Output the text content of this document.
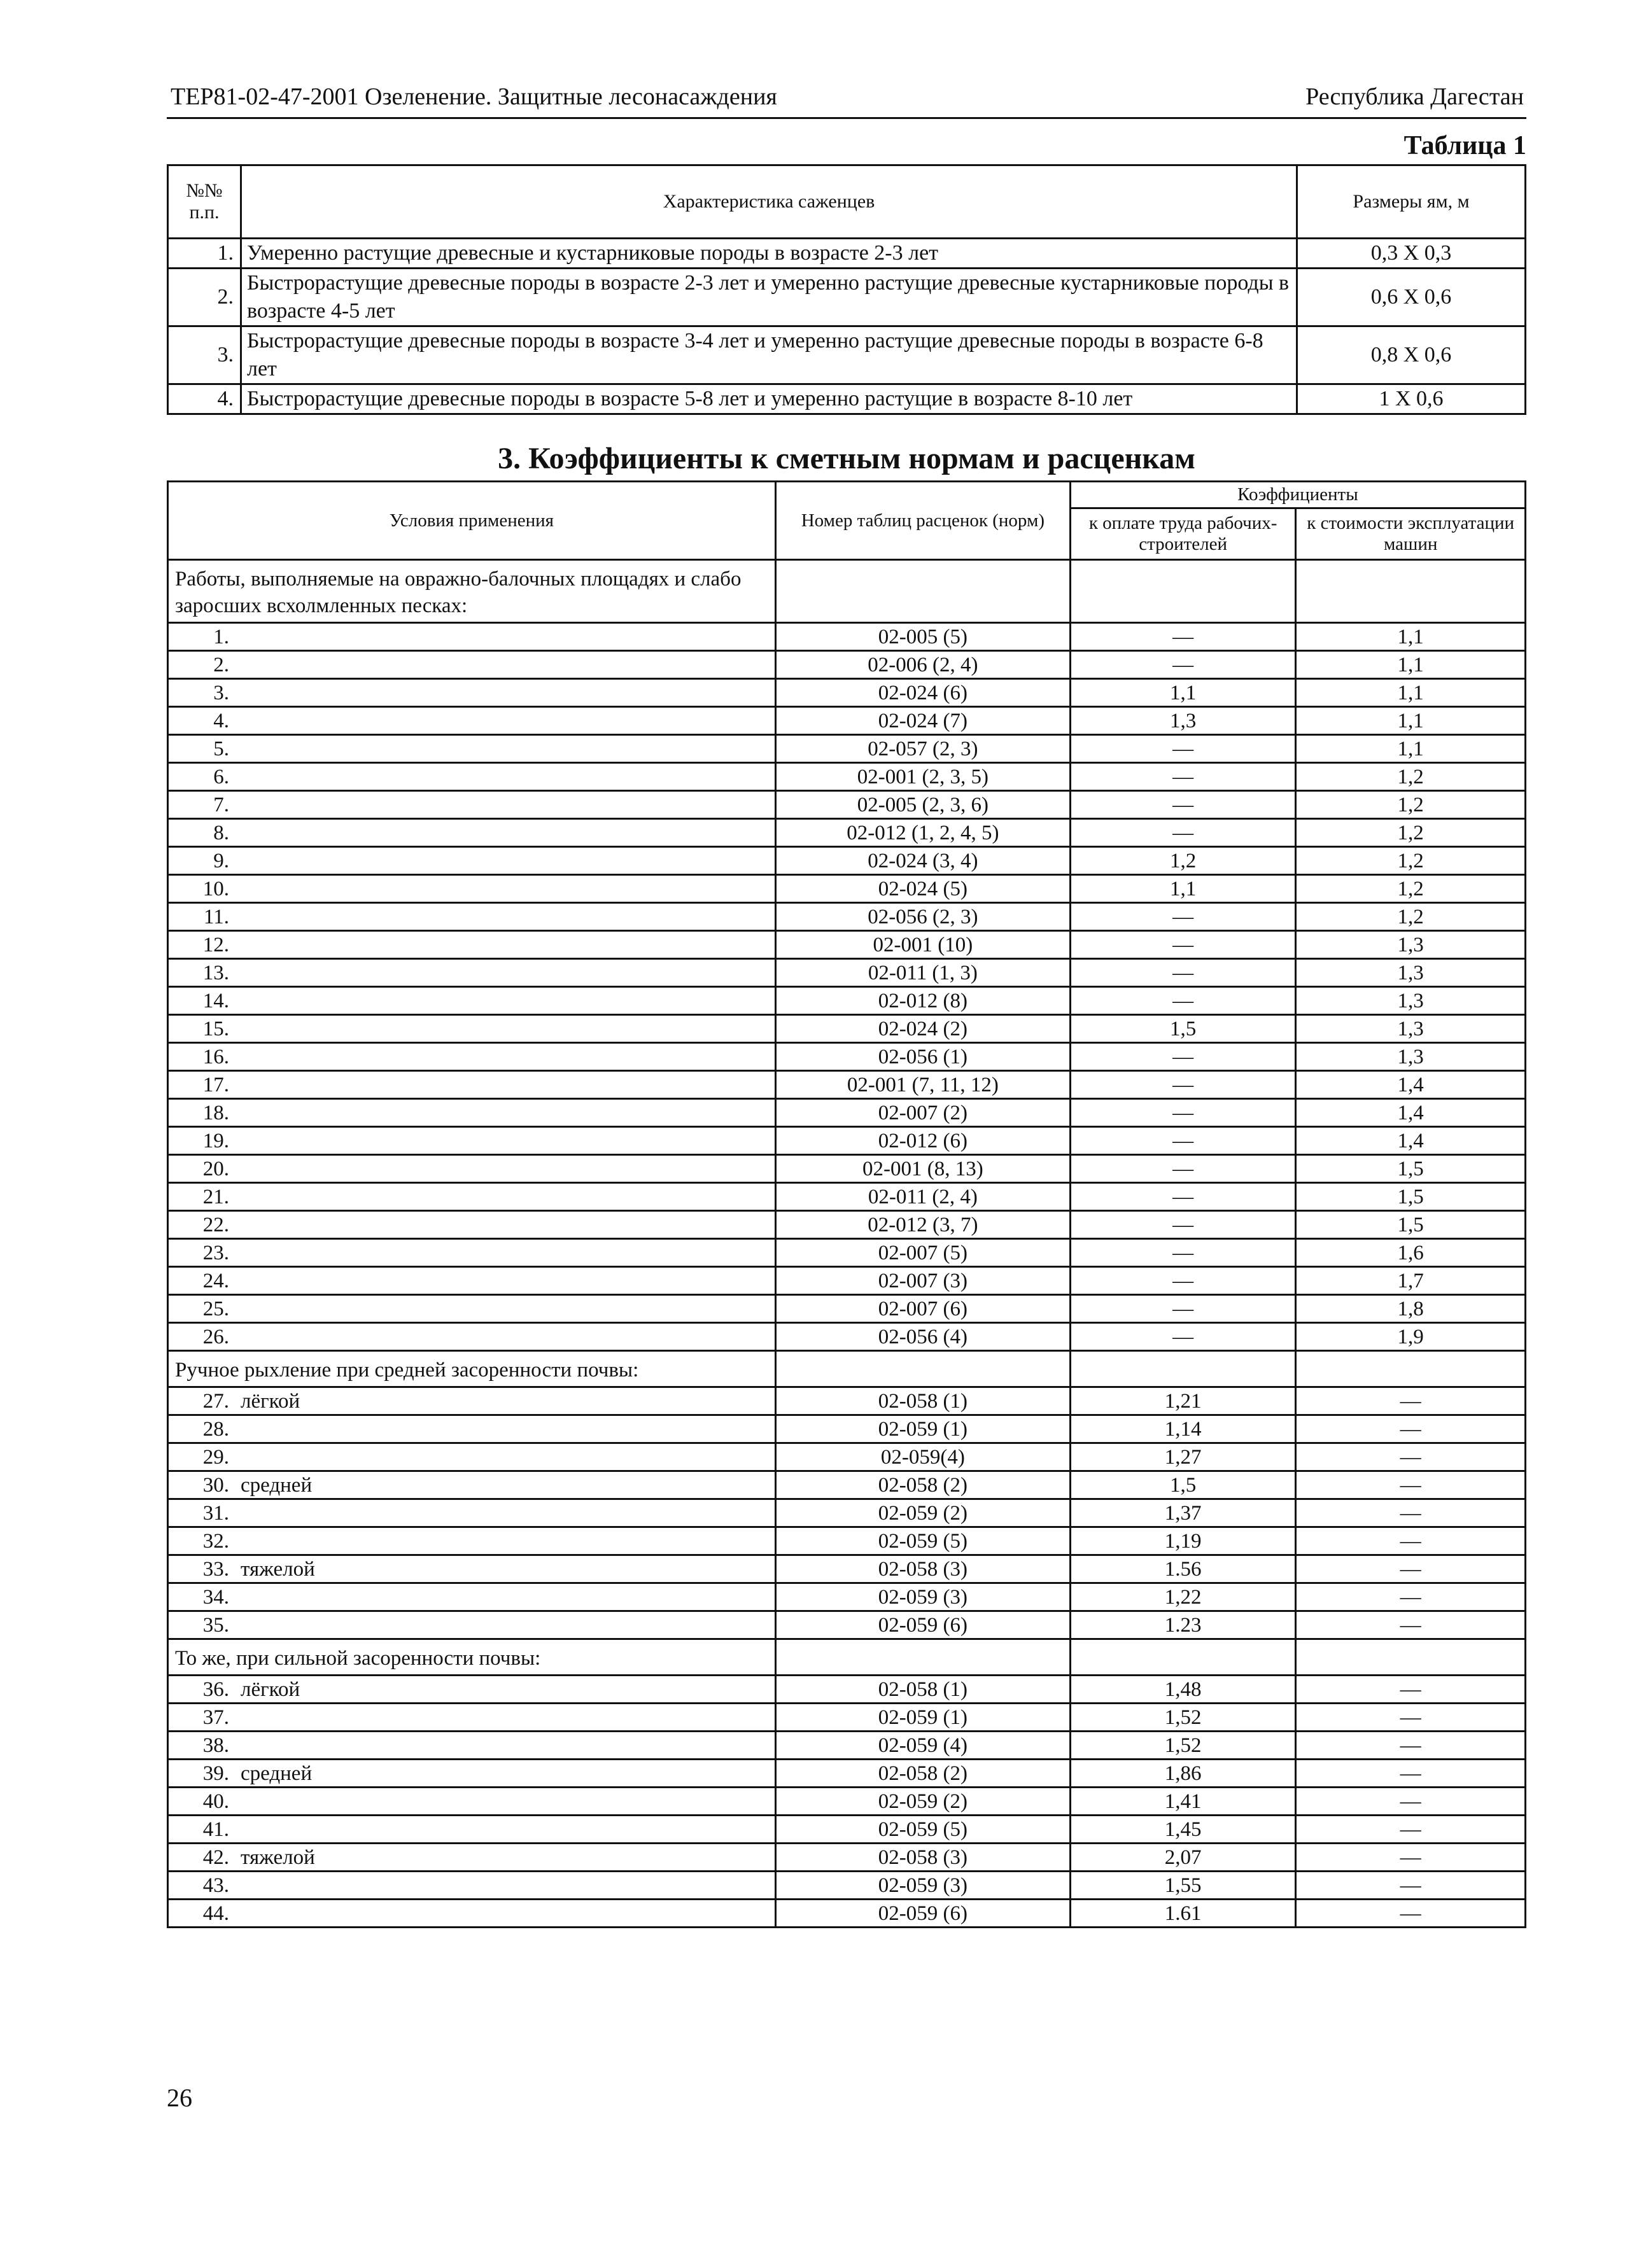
ТЕР81-02-47-2001 Озеленение. Защитные лесонасаждения	Республика Дагестан
Таблица 1
№№ п.п.	Характеристика саженцев	Размеры ям, м
1.	Умеренно растущие древесные и кустарниковые породы в возрасте 2-3 лет	0,3 X 0,3
2.	Быстрорастущие древесные породы в возрасте 2-3 лет и умеренно растущие древесные кустарниковые породы в возрасте 4-5 лет	0,6 X 0,6
3.	Быстрорастущие древесные породы в возрасте 3-4 лет и умеренно растущие древесные породы в возрасте 6-8 лет	0,8 X 0,6
4.	Быстрорастущие древесные породы в возрасте 5-8 лет и умеренно растущие в возрасте 8-10 лет	1 X 0,6
3. Коэффициенты к сметным нормам и расценкам
Условия применения	Номер таблиц расценок (норм)	Коэффициенты	
		к оплате труда рабочих-строителей	к стоимости эксплуатации машин
Работы, выполняемые на овражно-балочных площадях и слабо заросших всхолмленных песках:			
1.	02-005 (5)	—	1,1
2.	02-006 (2, 4)	—	1,1
3.	02-024 (6)	1,1	1,1
4.	02-024 (7)	1,3	1,1
5.	02-057 (2, 3)	—	1,1
6.	02-001 (2, 3, 5)	—	1,2
7.	02-005 (2, 3, 6)	—	1,2
8.	02-012 (1, 2, 4, 5)	—	1,2
9.	02-024 (3, 4)	1,2	1,2
10.	02-024 (5)	1,1	1,2
11.	02-056 (2, 3)	—	1,2
12.	02-001 (10)	—	1,3
13.	02-011 (1, 3)	—	1,3
14.	02-012 (8)	—	1,3
15.	02-024 (2)	1,5	1,3
16.	02-056 (1)	—	1,3
17.	02-001 (7, 11, 12)	—	1,4
18.	02-007 (2)	—	1,4
19.	02-012 (6)	—	1,4
20.	02-001 (8, 13)	—	1,5
21.	02-011 (2, 4)	—	1,5
22.	02-012 (3, 7)	—	1,5
23.	02-007 (5)	—	1,6
24.	02-007 (3)	—	1,7
25.	02-007 (6)	—	1,8
26.	02-056 (4)	—	1,9
Ручное рыхление при средней засоренности почвы:			
27. лёгкой	02-058 (1)	1,21	—
28.	02-059 (1)	1,14	—
29.	02-059(4)	1,27	—
30. средней	02-058 (2)	1,5	—
31.	02-059 (2)	1,37	—
32.	02-059 (5)	1,19	—
33. тяжелой	02-058 (3)	1.56	—
34.	02-059 (3)	1,22	—
35.	02-059 (6)	1.23	—
То же, при сильной засоренности почвы:			
36. лёгкой	02-058 (1)	1,48	—
37.	02-059 (1)	1,52	—
38.	02-059 (4)	1,52	—
39. средней	02-058 (2)	1,86	—
40.	02-059 (2)	1,41	—
41.	02-059 (5)	1,45	—
42. тяжелой	02-058 (3)	2,07	—
43.	02-059 (3)	1,55	—
44.	02-059 (6)	1.61	—
26
